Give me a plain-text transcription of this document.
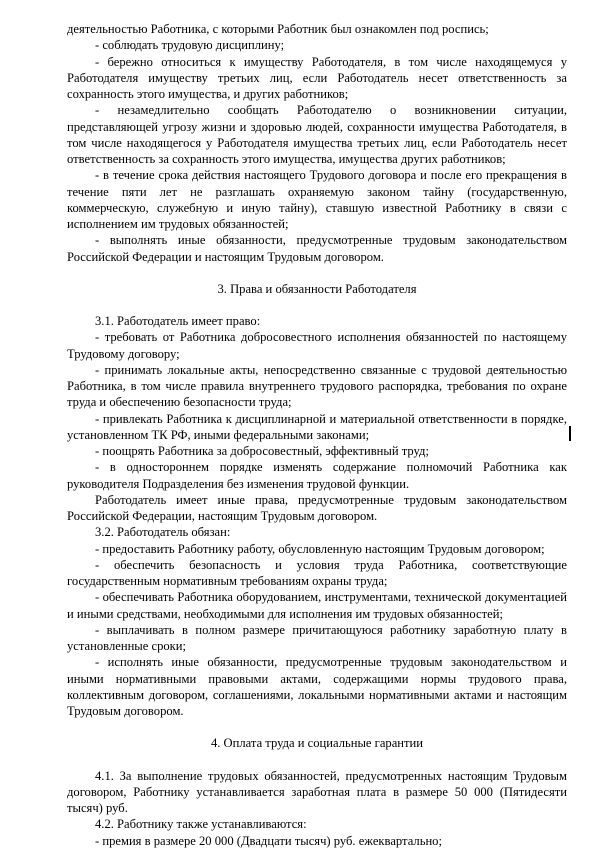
деятельностью Работника, с которыми Работник был ознакомлен под роспись;

- соблюдать трудовую дисциплину;

- бережно относиться к имуществу Работодателя, в том числе находящемуся у Работодателя имуществу третьих лиц, если Работодатель несет ответственность за сохранность этого имущества, и других работников;

- незамедлительно сообщать Работодателю о возникновении ситуации, представляющей угрозу жизни и здоровью людей, сохранности имущества Работодателя, в том числе находящегося у Работодателя имущества третьих лиц, если Работодатель несет ответственность за сохранность этого имущества, имущества других работников;

- в течение срока действия настоящего Трудового договора и после его прекращения в течение пяти лет не разглашать охраняемую законом тайну (государственную, коммерческую, служебную и иную тайну), ставшую известной Работнику в связи с исполнением им трудовых обязанностей;

- выполнять иные обязанности, предусмотренные трудовым законодательством Российской Федерации и настоящим Трудовым договором.

3. Права и обязанности Работодателя

3.1. Работодатель имеет право:

- требовать от Работника добросовестного исполнения обязанностей по настоящему Трудовому договору;

- принимать локальные акты, непосредственно связанные с трудовой деятельностью Работника, в том числе правила внутреннего трудового распорядка, требования по охране труда и обеспечению безопасности труда;

- привлекать Работника к дисциплинарной и материальной ответственности в порядке, установленном ТК РФ, иными федеральными законами;

- поощрять Работника за добросовестный, эффективный труд;

- в одностороннем порядке изменять содержание полномочий Работника как руководителя Подразделения без изменения трудовой функции.

Работодатель имеет иные права, предусмотренные трудовым законодательством Российской Федерации, настоящим Трудовым договором.

3.2. Работодатель обязан:

- предоставить Работнику работу, обусловленную настоящим Трудовым договором;

- обеспечить безопасность и условия труда Работника, соответствующие государственным нормативным требованиям охраны труда;

- обеспечивать Работника оборудованием, инструментами, технической документацией и иными средствами, необходимыми для исполнения им трудовых обязанностей;

- выплачивать в полном размере причитающуюся работнику заработную плату в установленные сроки;

- исполнять иные обязанности, предусмотренные трудовым законодательством и иными нормативными правовыми актами, содержащими нормы трудового права, коллективным договором, соглашениями, локальными нормативными актами и настоящим Трудовым договором.

4. Оплата труда и социальные гарантии

4.1. За выполнение трудовых обязанностей, предусмотренных настоящим Трудовым договором, Работнику устанавливается заработная плата в размере 50 000 (Пятидесяти тысяч) руб.

4.2. Работнику также устанавливаются:

- премия в размере 20 000 (Двадцати тысяч) руб. ежеквартально;
